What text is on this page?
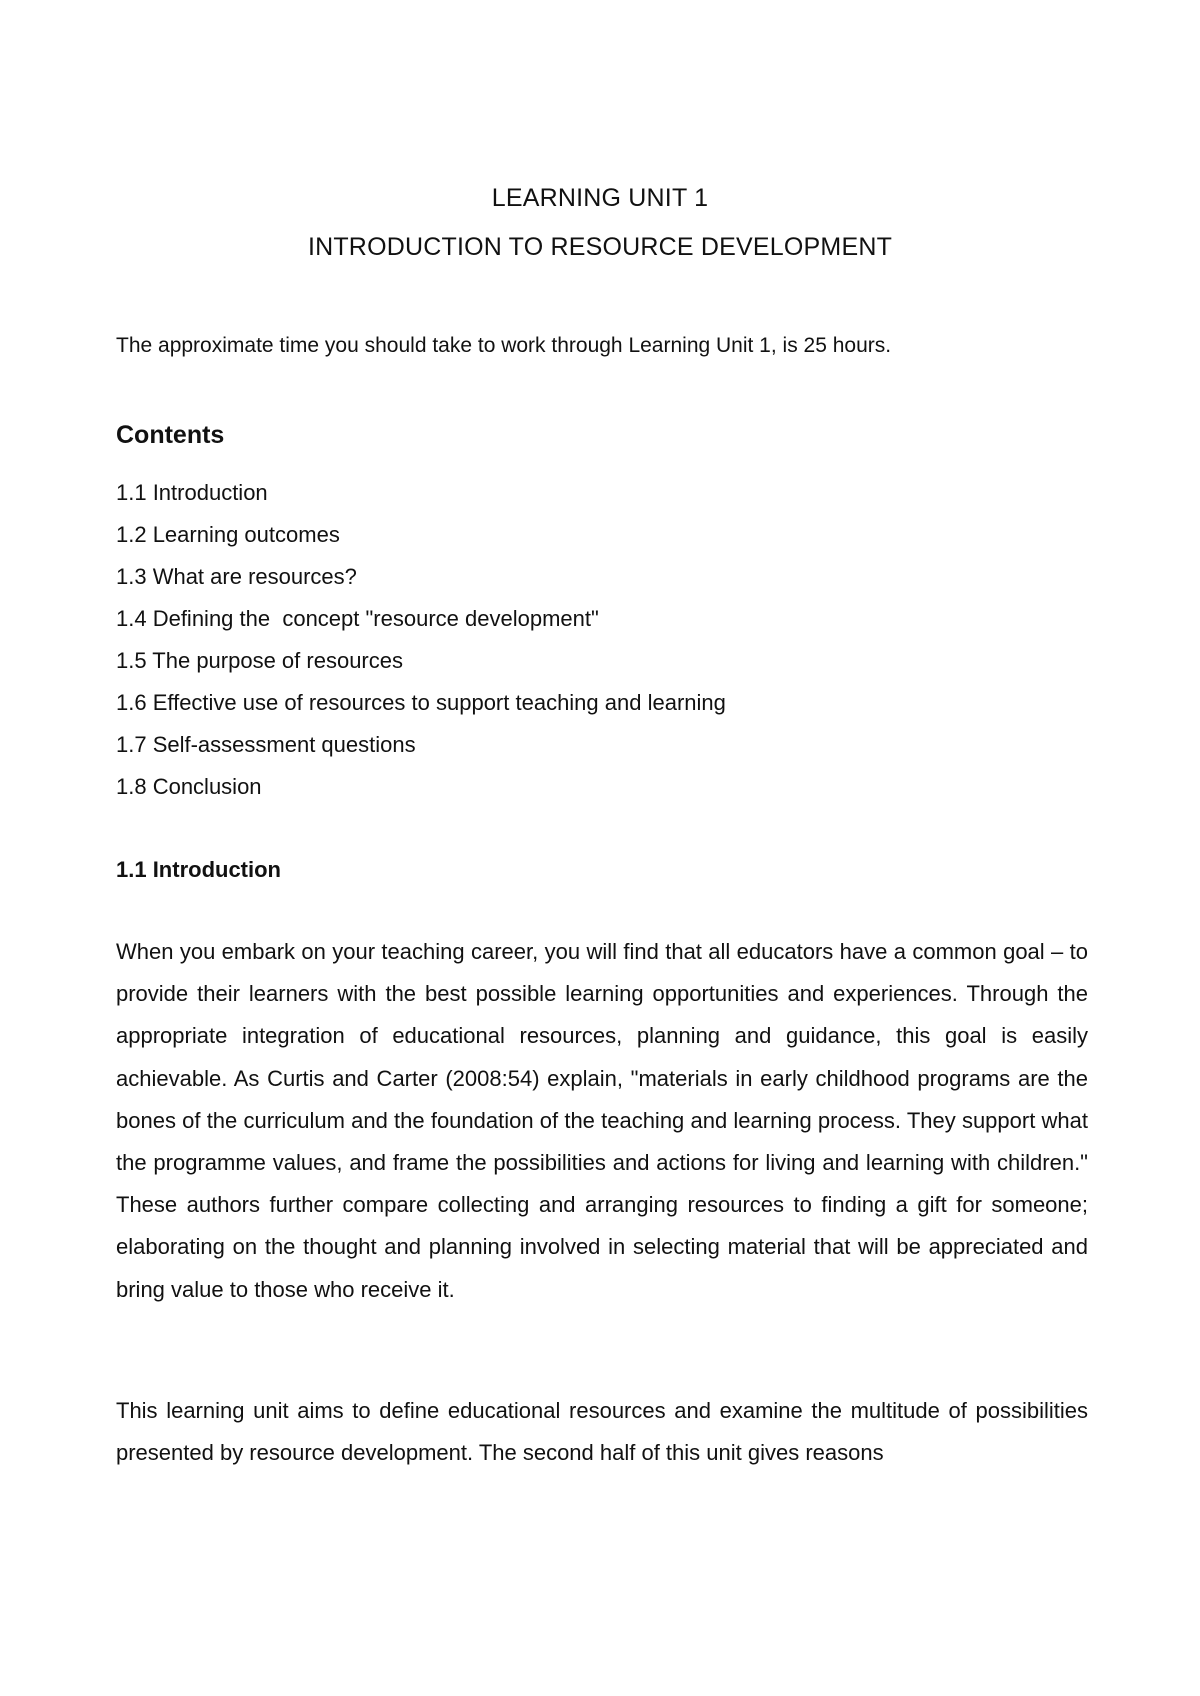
LEARNING UNIT 1
INTRODUCTION TO RESOURCE DEVELOPMENT
The approximate time you should take to work through Learning Unit 1, is 25 hours.
Contents
1.1 Introduction
1.2 Learning outcomes
1.3 What are resources?
1.4 Defining the  concept "resource development"
1.5 The purpose of resources
1.6 Effective use of resources to support teaching and learning
1.7 Self-assessment questions
1.8 Conclusion
1.1 Introduction

When you embark on your teaching career, you will find that all educators have a common goal – to provide their learners with the best possible learning opportunities and experiences. Through the appropriate integration of educational resources, planning and guidance, this goal is easily achievable. As Curtis and Carter (2008:54) explain, "materials in early childhood programs are the bones of the curriculum and the foundation of the teaching and learning process. They support what the programme values, and frame the possibilities and actions for living and learning with children." These authors further compare collecting and arranging resources to finding a gift for someone; elaborating on the thought and planning involved in selecting material that will be appreciated and bring value to those who receive it.

This learning unit aims to define educational resources and examine the multitude of possibilities presented by resource development. The second half of this unit gives reasons
